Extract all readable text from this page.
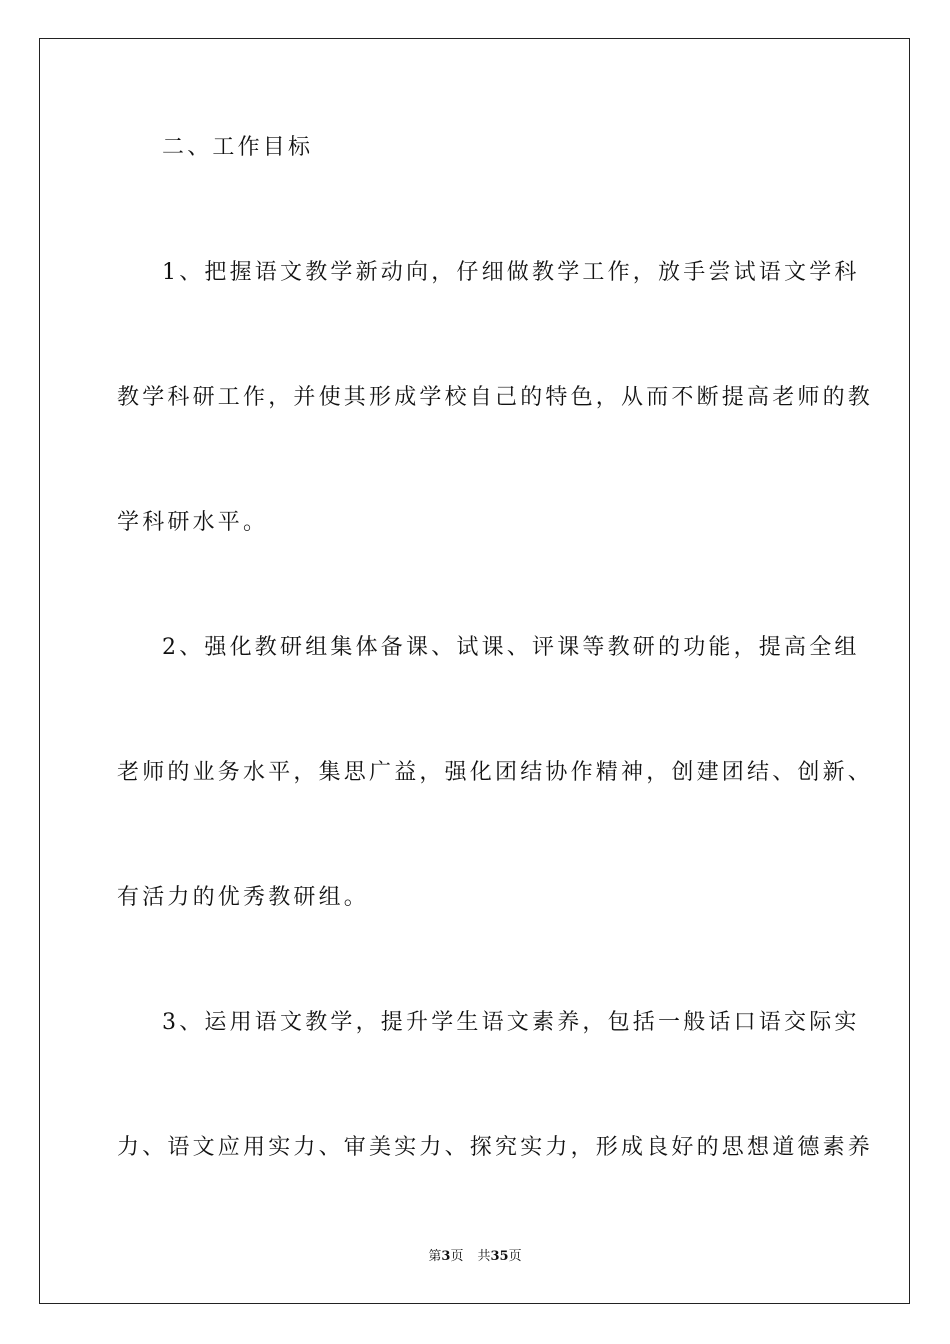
二、工作目标
1、把握语文教学新动向，仔细做教学工作，放手尝试语文学科
教学科研工作，并使其形成学校自己的特色，从而不断提高老师的教
学科研水平。
2、强化教研组集体备课、试课、评课等教研的功能，提高全组
老师的业务水平，集思广益，强化团结协作精神，创建团结、创新、
有活力的优秀教研组。
3、运用语文教学，提升学生语文素养，包括一般话口语交际实
力、语文应用实力、审美实力、探究实力，形成良好的思想道德素养
第3页 共35页
